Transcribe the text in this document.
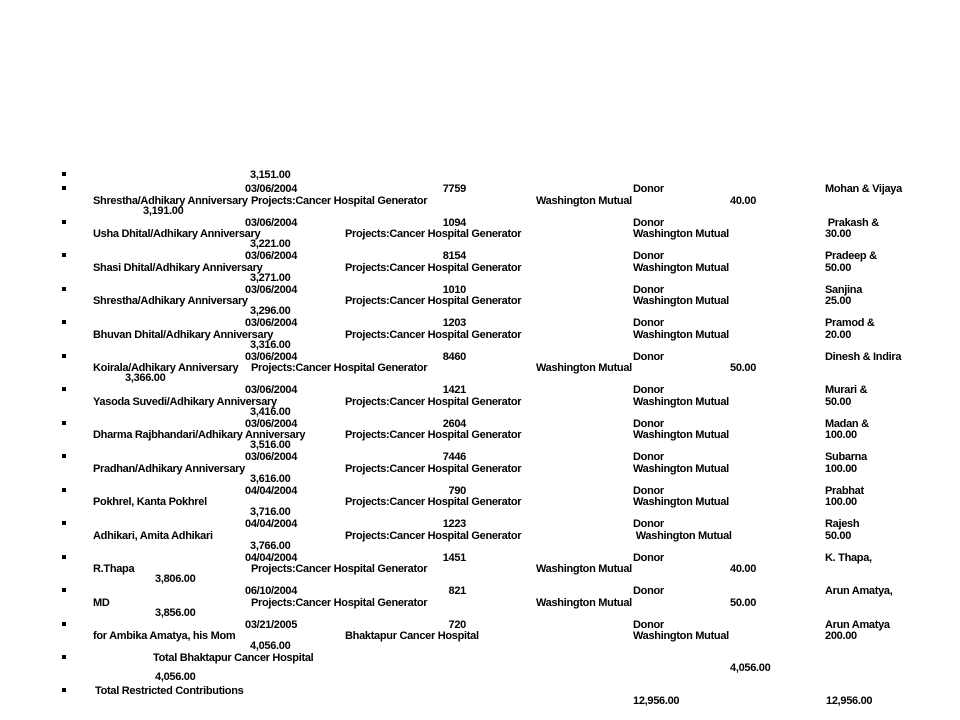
3,151.00
03/06/2004	7759	Donor	Mohan & Vijaya
Shrestha/Adhikary Anniversary Projects:Cancer Hospital Generator	Washington Mutual	40.00
3,191.00
03/06/2004	1094	Donor	Prakash &
Usha Dhital/Adhikary Anniversary	Projects:Cancer Hospital Generator	Washington Mutual	30.00
3,221.00
03/06/2004	8154	Donor	Pradeep &
Shasi Dhital/Adhikary Anniversary	Projects:Cancer Hospital Generator	Washington Mutual	50.00
3,271.00
03/06/2004	1010	Donor	Sanjina
Shrestha/Adhikary Anniversary	Projects:Cancer Hospital Generator	Washington Mutual	25.00
3,296.00
03/06/2004	1203	Donor	Pramod &
Bhuvan Dhital/Adhikary Anniversary	Projects:Cancer Hospital Generator	Washington Mutual	20.00
3,316.00
03/06/2004	8460	Donor	Dinesh & Indira
Koirala/Adhikary Anniversary Projects:Cancer Hospital Generator	Washington Mutual	50.00
3,366.00
03/06/2004	1421	Donor	Murari &
Yasoda Suvedi/Adhikary Anniversary	Projects:Cancer Hospital Generator	Washington Mutual	50.00
3,416.00
03/06/2004	2604	Donor	Madan &
Dharma Rajbhandari/Adhikary Anniversary	Projects:Cancer Hospital Generator	Washington Mutual	100.00
3,516.00
03/06/2004	7446	Donor	Subarna
Pradhan/Adhikary Anniversary	Projects:Cancer Hospital Generator	Washington Mutual	100.00
3,616.00
04/04/2004	790	Donor	Prabhat
Pokhrel, Kanta Pokhrel	Projects:Cancer Hospital Generator	Washington Mutual	100.00
3,716.00
04/04/2004	1223	Donor	Rajesh
Adhikari, Amita Adhikari	Projects:Cancer Hospital Generator	Washington Mutual	50.00
3,766.00
04/04/2004	1451	Donor	K. Thapa,
R.Thapa	Projects:Cancer Hospital Generator	Washington Mutual	40.00
3,806.00
06/10/2004	821	Donor	Arun Amatya,
MD	Projects:Cancer Hospital Generator	Washington Mutual	50.00
3,856.00
03/21/2005	720	Donor	Arun Amatya
for Ambika Amatya, his Mom	Bhaktapur Cancer Hospital	Washington Mutual	200.00
4,056.00
Total Bhaktapur Cancer Hospital
4,056.00
4,056.00
Total Restricted Contributions
12,956.00	12,956.00
